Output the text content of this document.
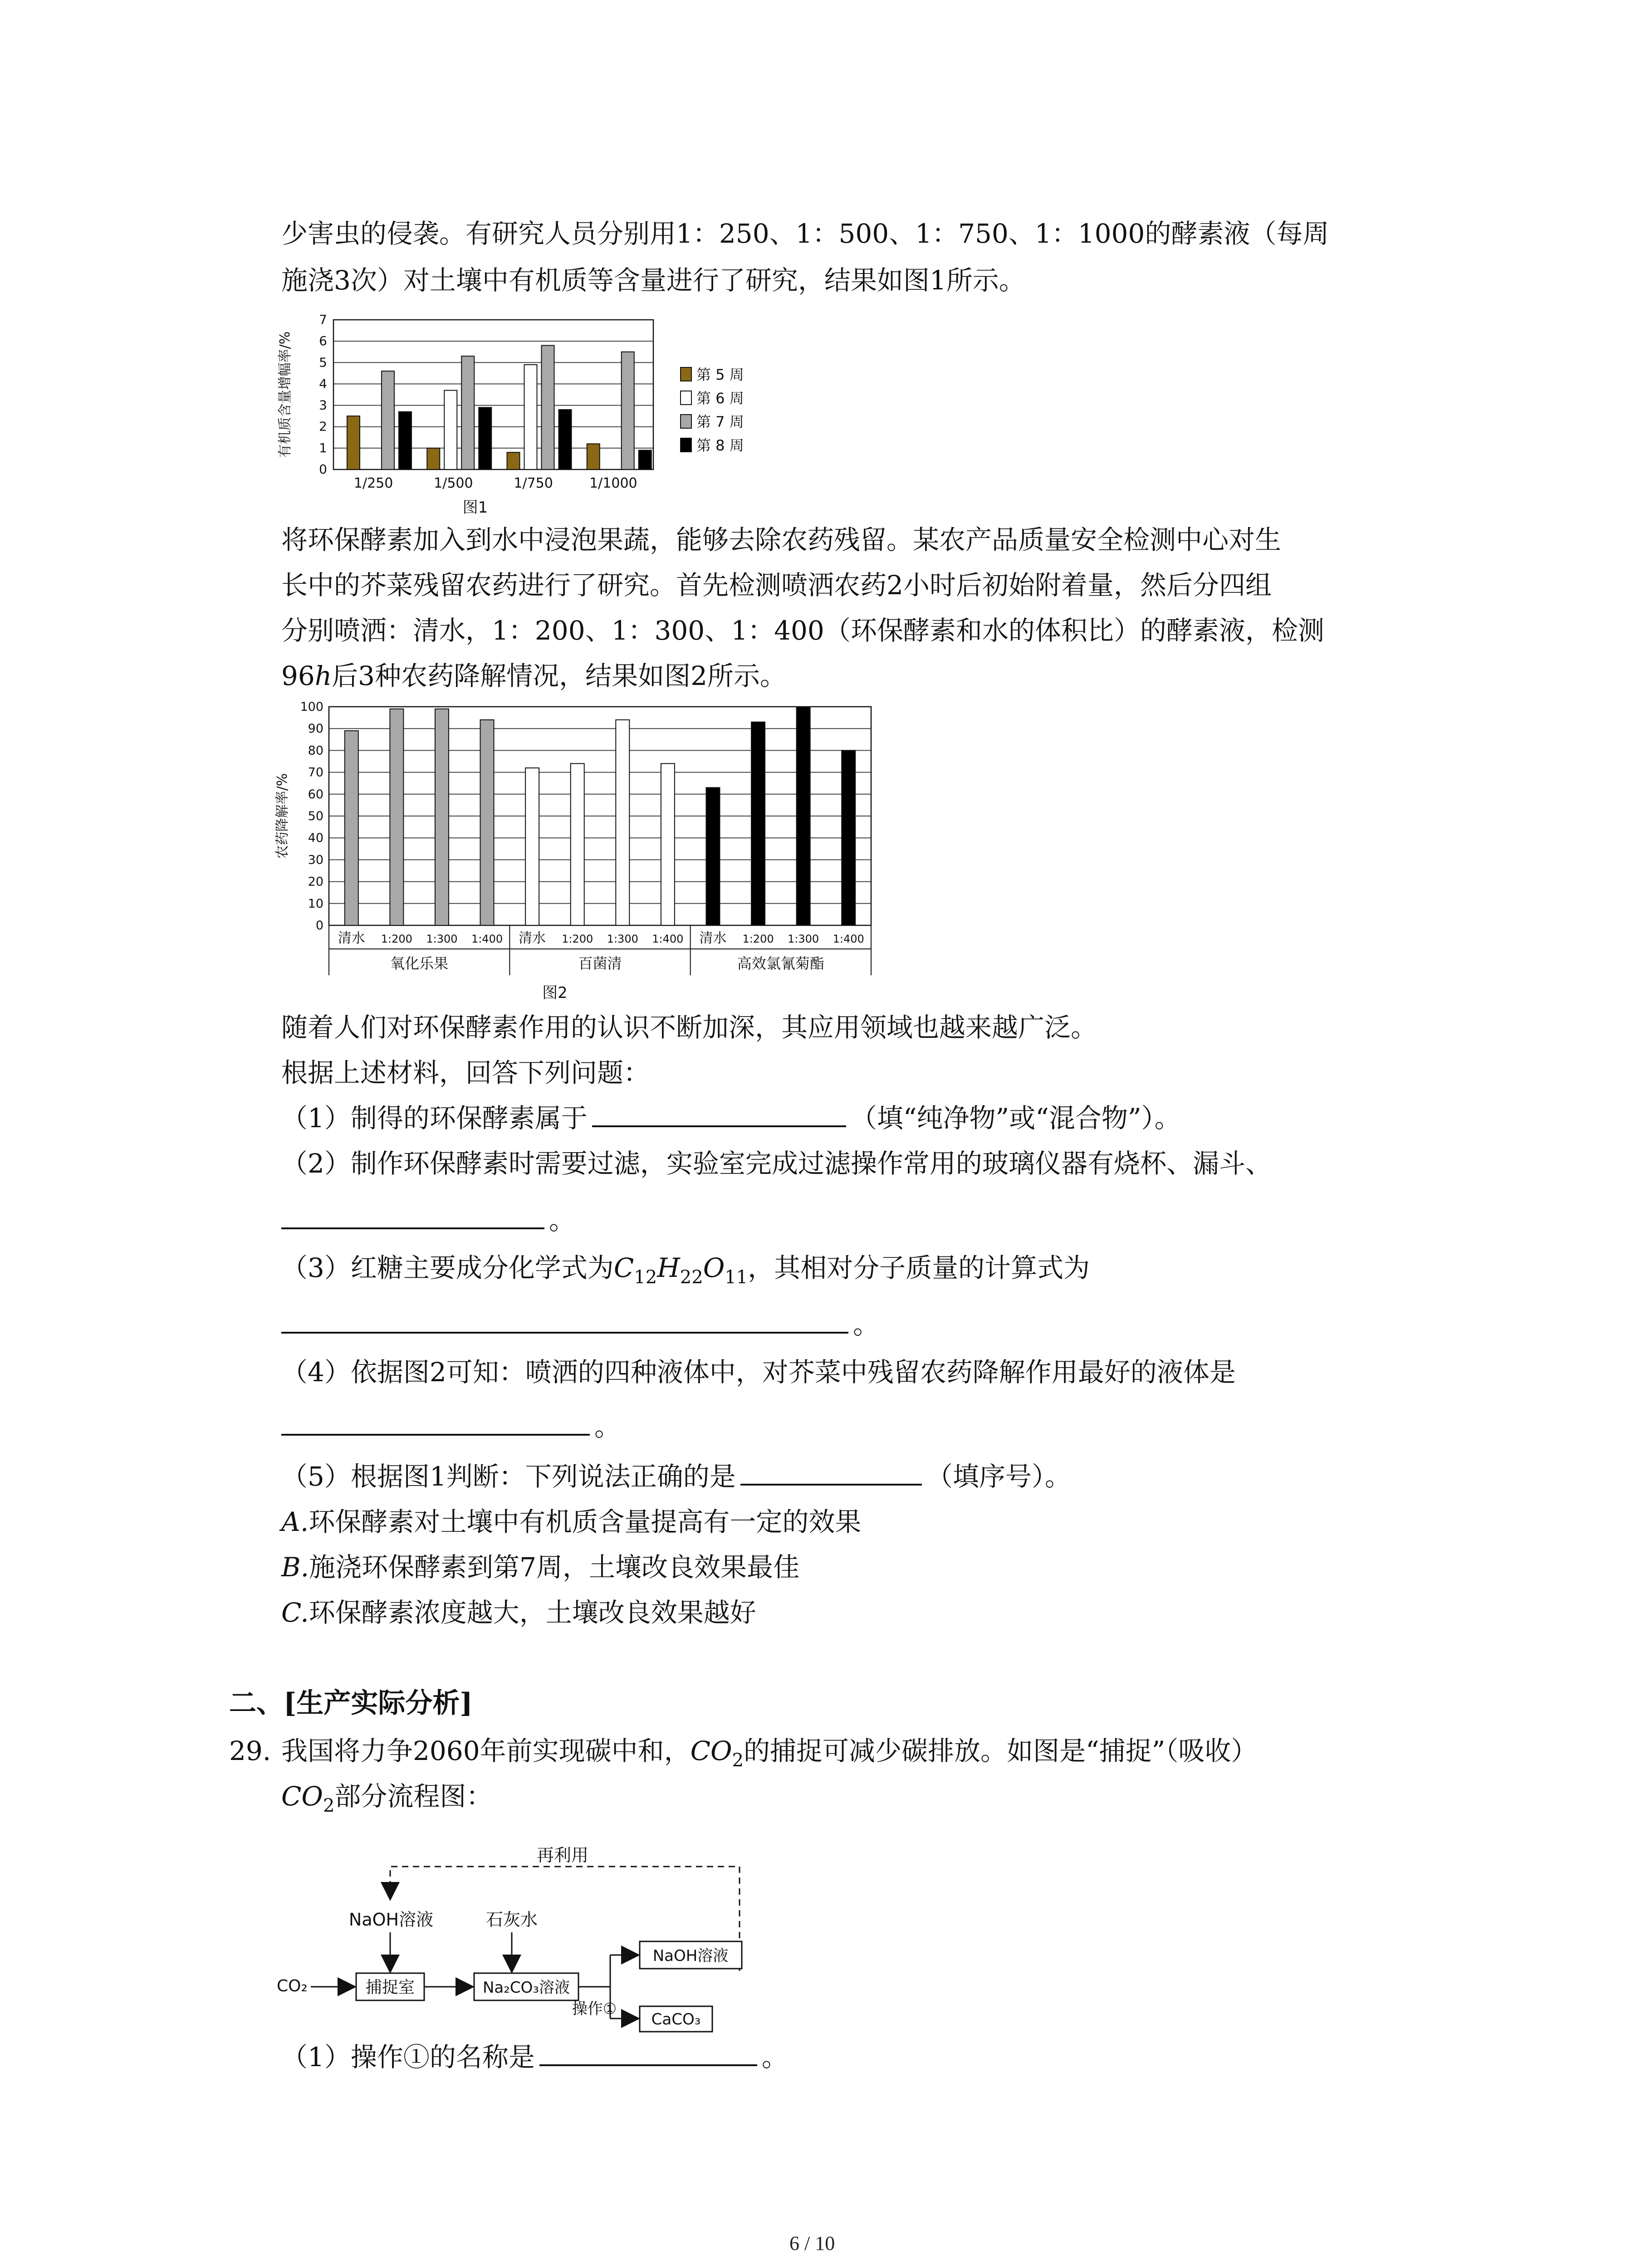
少害虫的侵袭。有研究人员分别用1：250、1：500、1：750、1：1000的酵素液（每周
施浇3次）对土壤中有机质等含量进行了研究，结果如图1所示。
0
1
2
3
4
5
6
7
有机质含量增幅率/%
1/250	1/500	1/750	1/1000
第 5 周
第 6 周
第 7 周
第 8 周
图1
将环保酵素加入到水中浸泡果蔬，能够去除农药残留。某农产品质量安全检测中心对生
长中的芥菜残留农药进行了研究。首先检测喷洒农药2小时后初始附着量，然后分四组
分别喷洒：清水，1：200、1：300、1：400（环保酵素和水的体积比）的酵素液，检测
96h后3种农药降解情况，结果如图2所示。
0
10
20
30
40
50
60
70
80
90
100
农药降解率/%
清水 1:200 1:300 1:400
氧化乐果
清水 1:200 1:300 1:400
百菌清
清水 1:200 1:300 1:400
高效氯氰菊酯
图2
随着人们对环保酵素作用的认识不断加深，其应用领域也越来越广泛。
根据上述材料，回答下列问题：
（1）制得的环保酵素属于	（填“纯净物”或“混合物”）。
（2）制作环保酵素时需要过滤，实验室完成过滤操作常用的玻璃仪器有烧杯、漏斗、
。
（3）红糖主要成分化学式为$C_{12}H_{22}O_{11}$，其相对分子质量的计算式为
。
（4）依据图2可知：喷洒的四种液体中，对芥菜中残留农药降解作用最好的液体是
。
（5）根据图1判断：下列说法正确的是	（填序号）。
A.环保酵素对土壤中有机质含量提高有一定的效果
B.施浇环保酵素到第7周，土壤改良效果最佳
C.环保酵素浓度越大，土壤改良效果越好
二、[生产实际分析]
29. 我国将力争2060年前实现碳中和，$CO_2$的捕捉可减少碳排放。如图是“捕捉”（吸收）
$CO_2$部分流程图：
再利用
NaOH溶液	石灰水
CO₂	捕捉室	Na₂CO₃溶液
操作①
NaOH溶液
CaCO₃
（1）操作①的名称是	。
6 / 10
